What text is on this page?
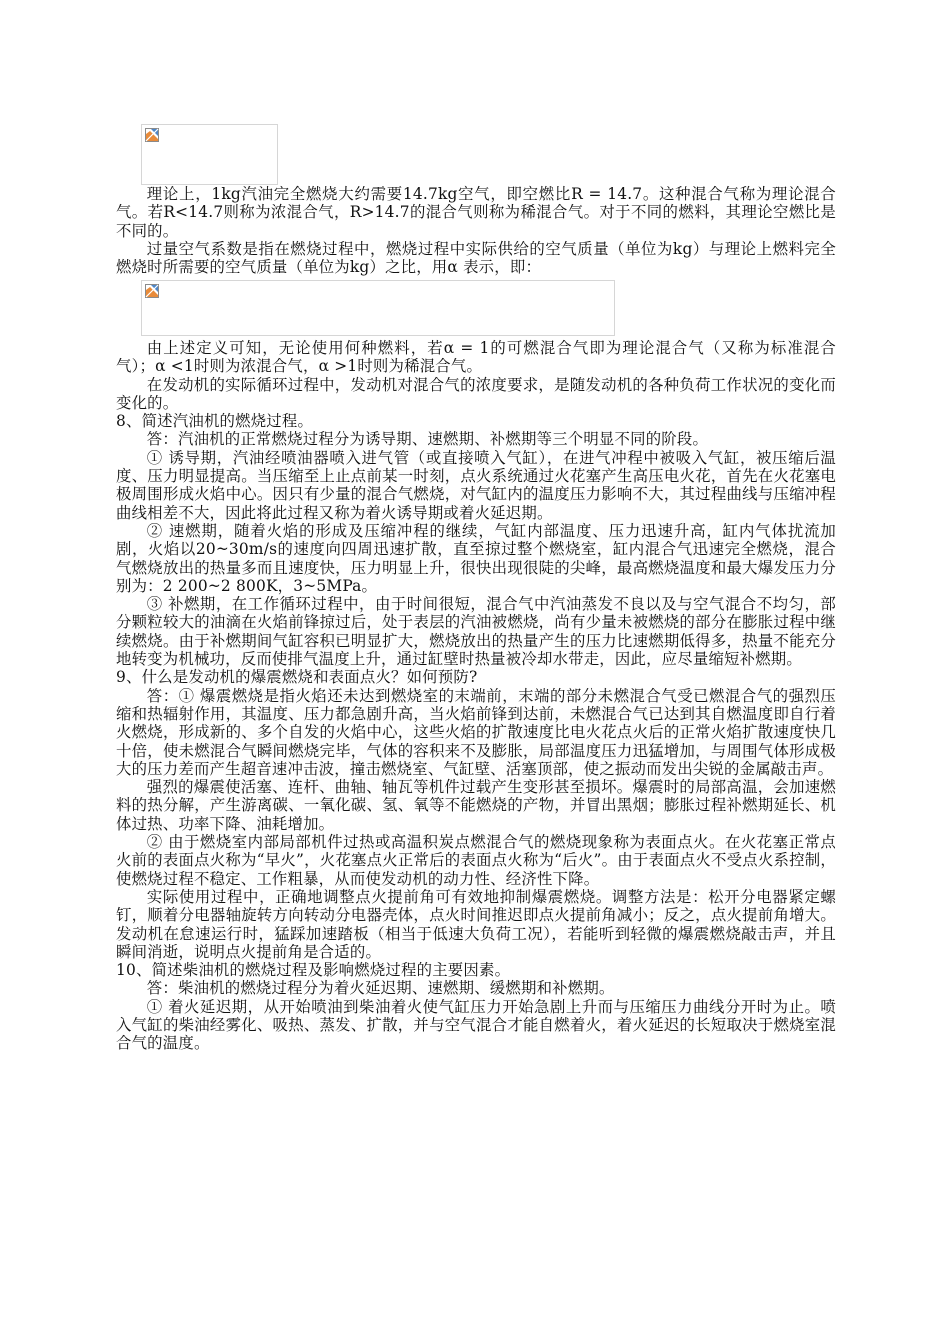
理论上，1kg汽油完全燃烧大约需要14.7kg空气，即空燃比R = 14.7。这种混合气称为理论混合气。若R<14.7则称为浓混合气，R>14.7的混合气则称为稀混合气。对于不同的燃料，其理论空燃比是不同的。

过量空气系数是指在燃烧过程中，燃烧过程中实际供给的空气质量（单位为kg）与理论上燃料完全燃烧时所需要的空气质量（单位为kg）之比，用α 表示，即：

由上述定义可知，无论使用何种燃料，若α = 1的可燃混合气即为理论混合气（又称为标准混合气）；α <1时则为浓混合气，α >1时则为稀混合气。

在发动机的实际循环过程中，发动机对混合气的浓度要求，是随发动机的各种负荷工作状况的变化而变化的。

8、简述汽油机的燃烧过程。

答：汽油机的正常燃烧过程分为诱导期、速燃期、补燃期等三个明显不同的阶段。

① 诱导期，汽油经喷油器喷入进气管（或直接喷入气缸），在进气冲程中被吸入气缸，被压缩后温度、压力明显提高。当压缩至上止点前某一时刻，点火系统通过火花塞产生高压电火花，首先在火花塞电极周围形成火焰中心。因只有少量的混合气燃烧，对气缸内的温度压力影响不大，其过程曲线与压缩冲程曲线相差不大，因此将此过程又称为着火诱导期或着火延迟期。

② 速燃期，随着火焰的形成及压缩冲程的继续，气缸内部温度、压力迅速升高，缸内气体扰流加剧，火焰以20~30m/s的速度向四周迅速扩散，直至掠过整个燃烧室，缸内混合气迅速完全燃烧，混合气燃烧放出的热量多而且速度快，压力明显上升，很快出现很陡的尖峰，最高燃烧温度和最大爆发压力分别为：2 200~2 800K，3~5MPa。

③ 补燃期，在工作循环过程中，由于时间很短，混合气中汽油蒸发不良以及与空气混合不均匀，部分颗粒较大的油滴在火焰前锋掠过后，处于表层的汽油被燃烧，尚有少量未被燃烧的部分在膨胀过程中继续燃烧。由于补燃期间气缸容积已明显扩大，燃烧放出的热量产生的压力比速燃期低得多，热量不能充分地转变为机械功，反而使排气温度上升，通过缸壁时热量被冷却水带走，因此，应尽量缩短补燃期。

9、什么是发动机的爆震燃烧和表面点火？如何预防?

答：① 爆震燃烧是指火焰还未达到燃烧室的末端前，末端的部分未燃混合气受已燃混合气的强烈压缩和热辐射作用，其温度、压力都急剧升高，当火焰前锋到达前，未燃混合气已达到其自燃温度即自行着火燃烧，形成新的、多个自发的火焰中心，这些火焰的扩散速度比电火花点火后的正常火焰扩散速度快几十倍，使未燃混合气瞬间燃烧完毕，气体的容积来不及膨胀，局部温度压力迅猛增加，与周围气体形成极大的压力差而产生超音速冲击波，撞击燃烧室、气缸壁、活塞顶部，使之振动而发出尖锐的金属敲击声。

强烈的爆震使活塞、连杆、曲轴、轴瓦等机件过载产生变形甚至损坏。爆震时的局部高温，会加速燃料的热分解，产生游离碳、一氧化碳、氢、氧等不能燃烧的产物，并冒出黑烟；膨胀过程补燃期延长、机体过热、功率下降、油耗增加。

② 由于燃烧室内部局部机件过热或高温积炭点燃混合气的燃烧现象称为表面点火。在火花塞正常点火前的表面点火称为“早火”，火花塞点火正常后的表面点火称为“后火”。由于表面点火不受点火系控制，使燃烧过程不稳定、工作粗暴，从而使发动机的动力性、经济性下降。

实际使用过程中，正确地调整点火提前角可有效地抑制爆震燃烧。调整方法是：松开分电器紧定螺钉，顺着分电器轴旋转方向转动分电器壳体，点火时间推迟即点火提前角减小；反之，点火提前角增大。发动机在怠速运行时，猛踩加速踏板（相当于低速大负荷工况），若能听到轻微的爆震燃烧敲击声，并且瞬间消逝，说明点火提前角是合适的。

10、简述柴油机的燃烧过程及影响燃烧过程的主要因素。

答：柴油机的燃烧过程分为着火延迟期、速燃期、缓燃期和补燃期。

① 着火延迟期，从开始喷油到柴油着火使气缸压力开始急剧上升而与压缩压力曲线分开时为止。喷入气缸的柴油经雾化、吸热、蒸发、扩散，并与空气混合才能自燃着火，着火延迟的长短取决于燃烧室混合气的温度。
